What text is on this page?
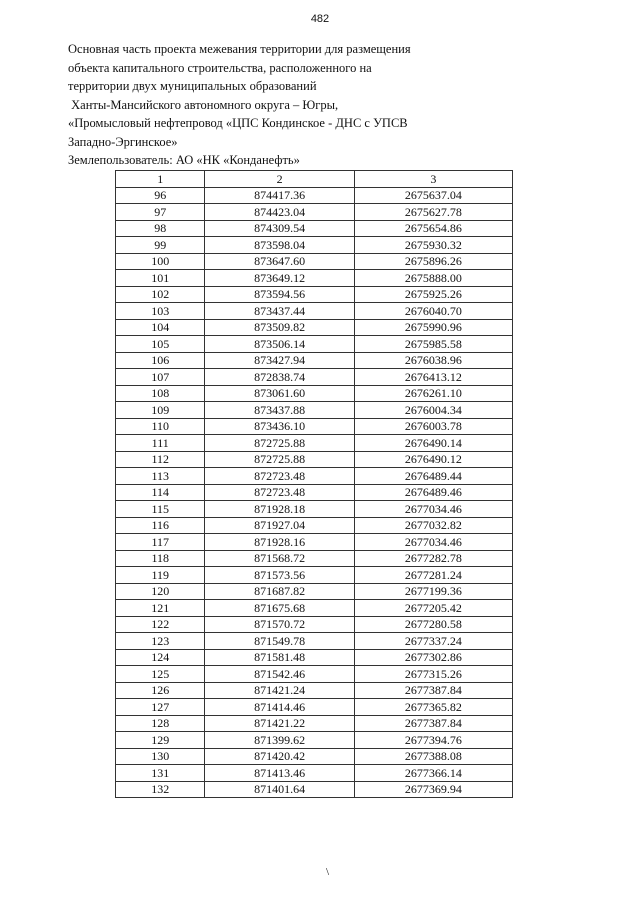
482
Основная часть проекта межевания территории для размещения
объекта капитального строительства, расположенного на
территории двух муниципальных образований
Ханты-Мансийского автономного округа – Югры,
«Промысловый нефтепровод «ЦПС Кондинское - ДНС с УПСВ
Западно-Эргинское»
Землепользователь: АО «НК «Конданефть»
1	2	3
96	874417.36	2675637.04
97	874423.04	2675627.78
98	874309.54	2675654.86
99	873598.04	2675930.32
100	873647.60	2675896.26
101	873649.12	2675888.00
102	873594.56	2675925.26
103	873437.44	2676040.70
104	873509.82	2675990.96
105	873506.14	2675985.58
106	873427.94	2676038.96
107	872838.74	2676413.12
108	873061.60	2676261.10
109	873437.88	2676004.34
110	873436.10	2676003.78
111	872725.88	2676490.14
112	872725.88	2676490.12
113	872723.48	2676489.44
114	872723.48	2676489.46
115	871928.18	2677034.46
116	871927.04	2677032.82
117	871928.16	2677034.46
118	871568.72	2677282.78
119	871573.56	2677281.24
120	871687.82	2677199.36
121	871675.68	2677205.42
122	871570.72	2677280.58
123	871549.78	2677337.24
124	871581.48	2677302.86
125	871542.46	2677315.26
126	871421.24	2677387.84
127	871414.46	2677365.82
128	871421.22	2677387.84
129	871399.62	2677394.76
130	871420.42	2677388.08
131	871413.46	2677366.14
132	871401.64	2677369.94
\
